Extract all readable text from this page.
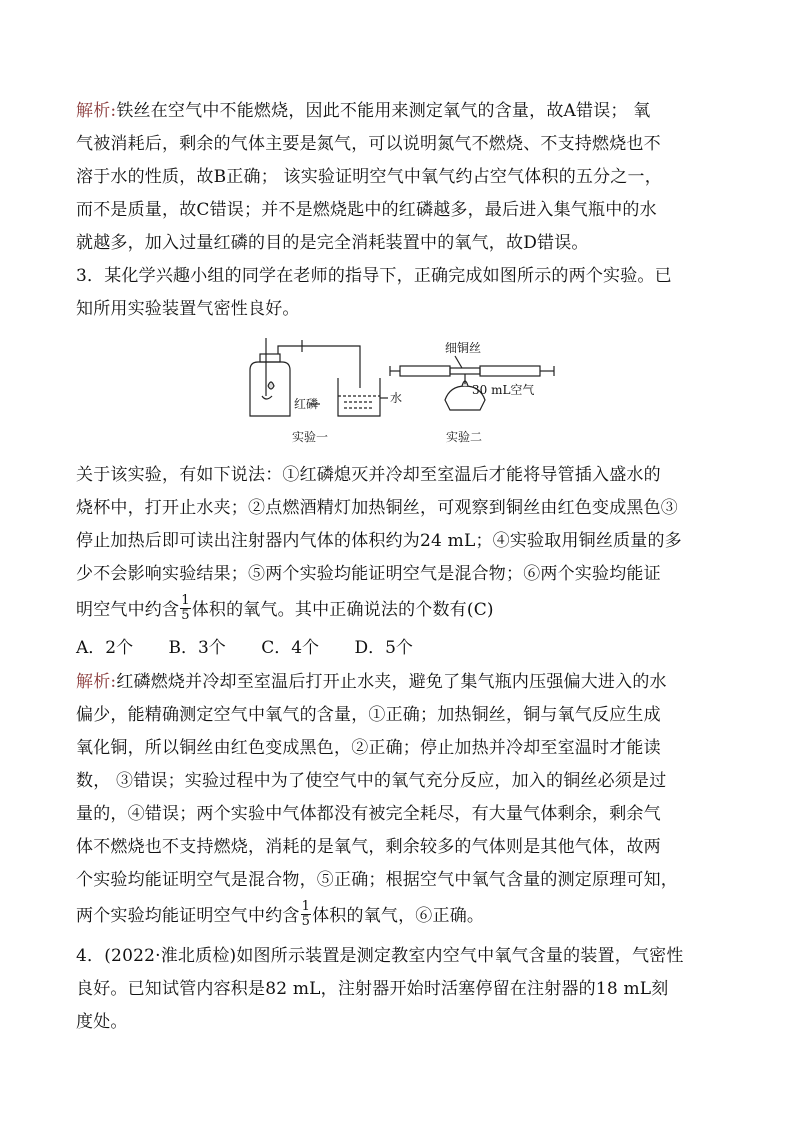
解析:铁丝在空气中不能燃烧，因此不能用来测定氧气的含量，故A错误； 氧
气被消耗后，剩余的气体主要是氮气，可以说明氮气不燃烧、不支持燃烧也不
溶于水的性质，故B正确； 该实验证明空气中氧气约占空气体积的五分之一，
而不是质量，故C错误；并不是燃烧匙中的红磷越多，最后进入集气瓶中的水
就越多，加入过量红磷的目的是完全消耗装置中的氧气，故D错误。
3．某化学兴趣小组的同学在老师的指导下，正确完成如图所示的两个实验。已
知所用实验装置气密性良好。
红磷	水
细铜丝
30 mL空气
实验一	实验二
关于该实验，有如下说法：①红磷熄灭并冷却至室温后才能将导管插入盛水的
烧杯中，打开止水夹；②点燃酒精灯加热铜丝，可观察到铜丝由红色变成黑色③
停止加热后即可读出注射器内气体的体积约为24 mL；④实验取用铜丝质量的多
少不会影响实验结果；⑤两个实验均能证明空气是混合物；⑥两个实验均能证
明空气中约含 $\frac{1}{5}$ 体积的氧气。其中正确说法的个数有(C)
A．2个 B．3个 C．4个 D．5个
解析:红磷燃烧并冷却至室温后打开止水夹，避免了集气瓶内压强偏大进入的水
偏少，能精确测定空气中氧气的含量，①正确；加热铜丝，铜与氧气反应生成
氧化铜，所以铜丝由红色变成黑色，②正确；停止加热并冷却至室温时才能读
数， ③错误；实验过程中为了使空气中的氧气充分反应，加入的铜丝必须是过
量的，④错误；两个实验中气体都没有被完全耗尽，有大量气体剩余，剩余气
体不燃烧也不支持燃烧，消耗的是氧气，剩余较多的气体则是其他气体，故两
个实验均能证明空气是混合物，⑤正确；根据空气中氧气含量的测定原理可知，
两个实验均能证明空气中约含 $\frac{1}{5}$ 体积的氧气，⑥正确。
4．(2022·淮北质检)如图所示装置是测定教室内空气中氧气含量的装置，气密性
良好。已知试管内容积是82 mL，注射器开始时活塞停留在注射器的18 mL刻
度处。
